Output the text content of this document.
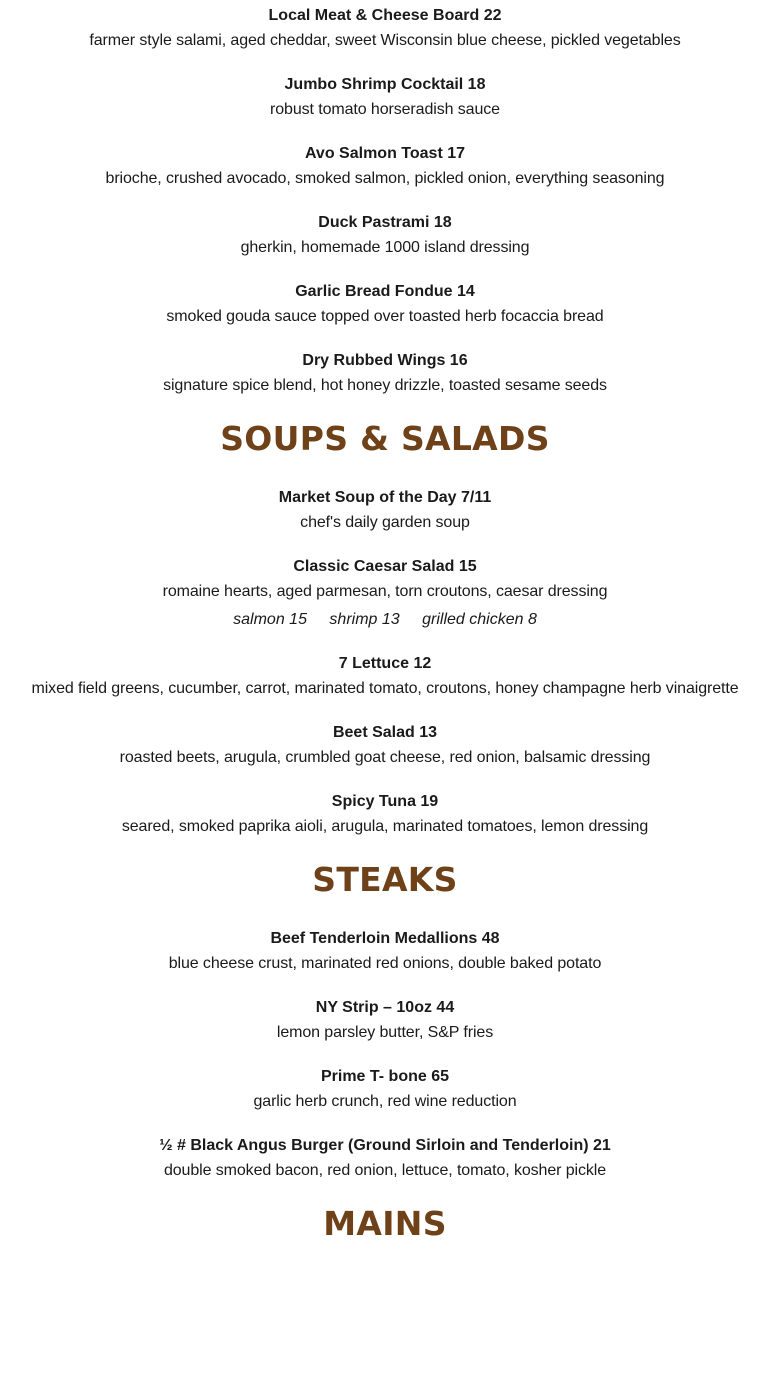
Local Meat & Cheese Board 22
farmer style salami, aged cheddar, sweet Wisconsin blue cheese, pickled vegetables
Jumbo Shrimp Cocktail 18
robust tomato horseradish sauce
Avo Salmon Toast 17
brioche, crushed avocado, smoked salmon, pickled onion, everything seasoning
Duck Pastrami 18
gherkin, homemade 1000 island dressing
Garlic Bread Fondue 14
smoked gouda sauce topped over toasted herb focaccia bread
Dry Rubbed Wings 16
signature spice blend, hot honey drizzle, toasted sesame seeds
SOUPS & SALADS
Market Soup of the Day 7/11
chef's daily garden soup
Classic Caesar Salad 15
romaine hearts, aged parmesan, torn croutons, caesar dressing
salmon 15 shrimp 13 grilled chicken 8
7 Lettuce 12
mixed field greens, cucumber, carrot, marinated tomato, croutons, honey champagne herb vinaigrette
Beet Salad 13
roasted beets, arugula, crumbled goat cheese, red onion, balsamic dressing
Spicy Tuna 19
seared, smoked paprika aioli, arugula, marinated tomatoes, lemon dressing
STEAKS
Beef Tenderloin Medallions 48
blue cheese crust, marinated red onions, double baked potato
NY Strip – 10oz 44
lemon parsley butter, S&P fries
Prime T- bone 65
garlic herb crunch, red wine reduction
½ # Black Angus Burger (Ground Sirloin and Tenderloin) 21
double smoked bacon, red onion, lettuce, tomato, kosher pickle
MAINS
